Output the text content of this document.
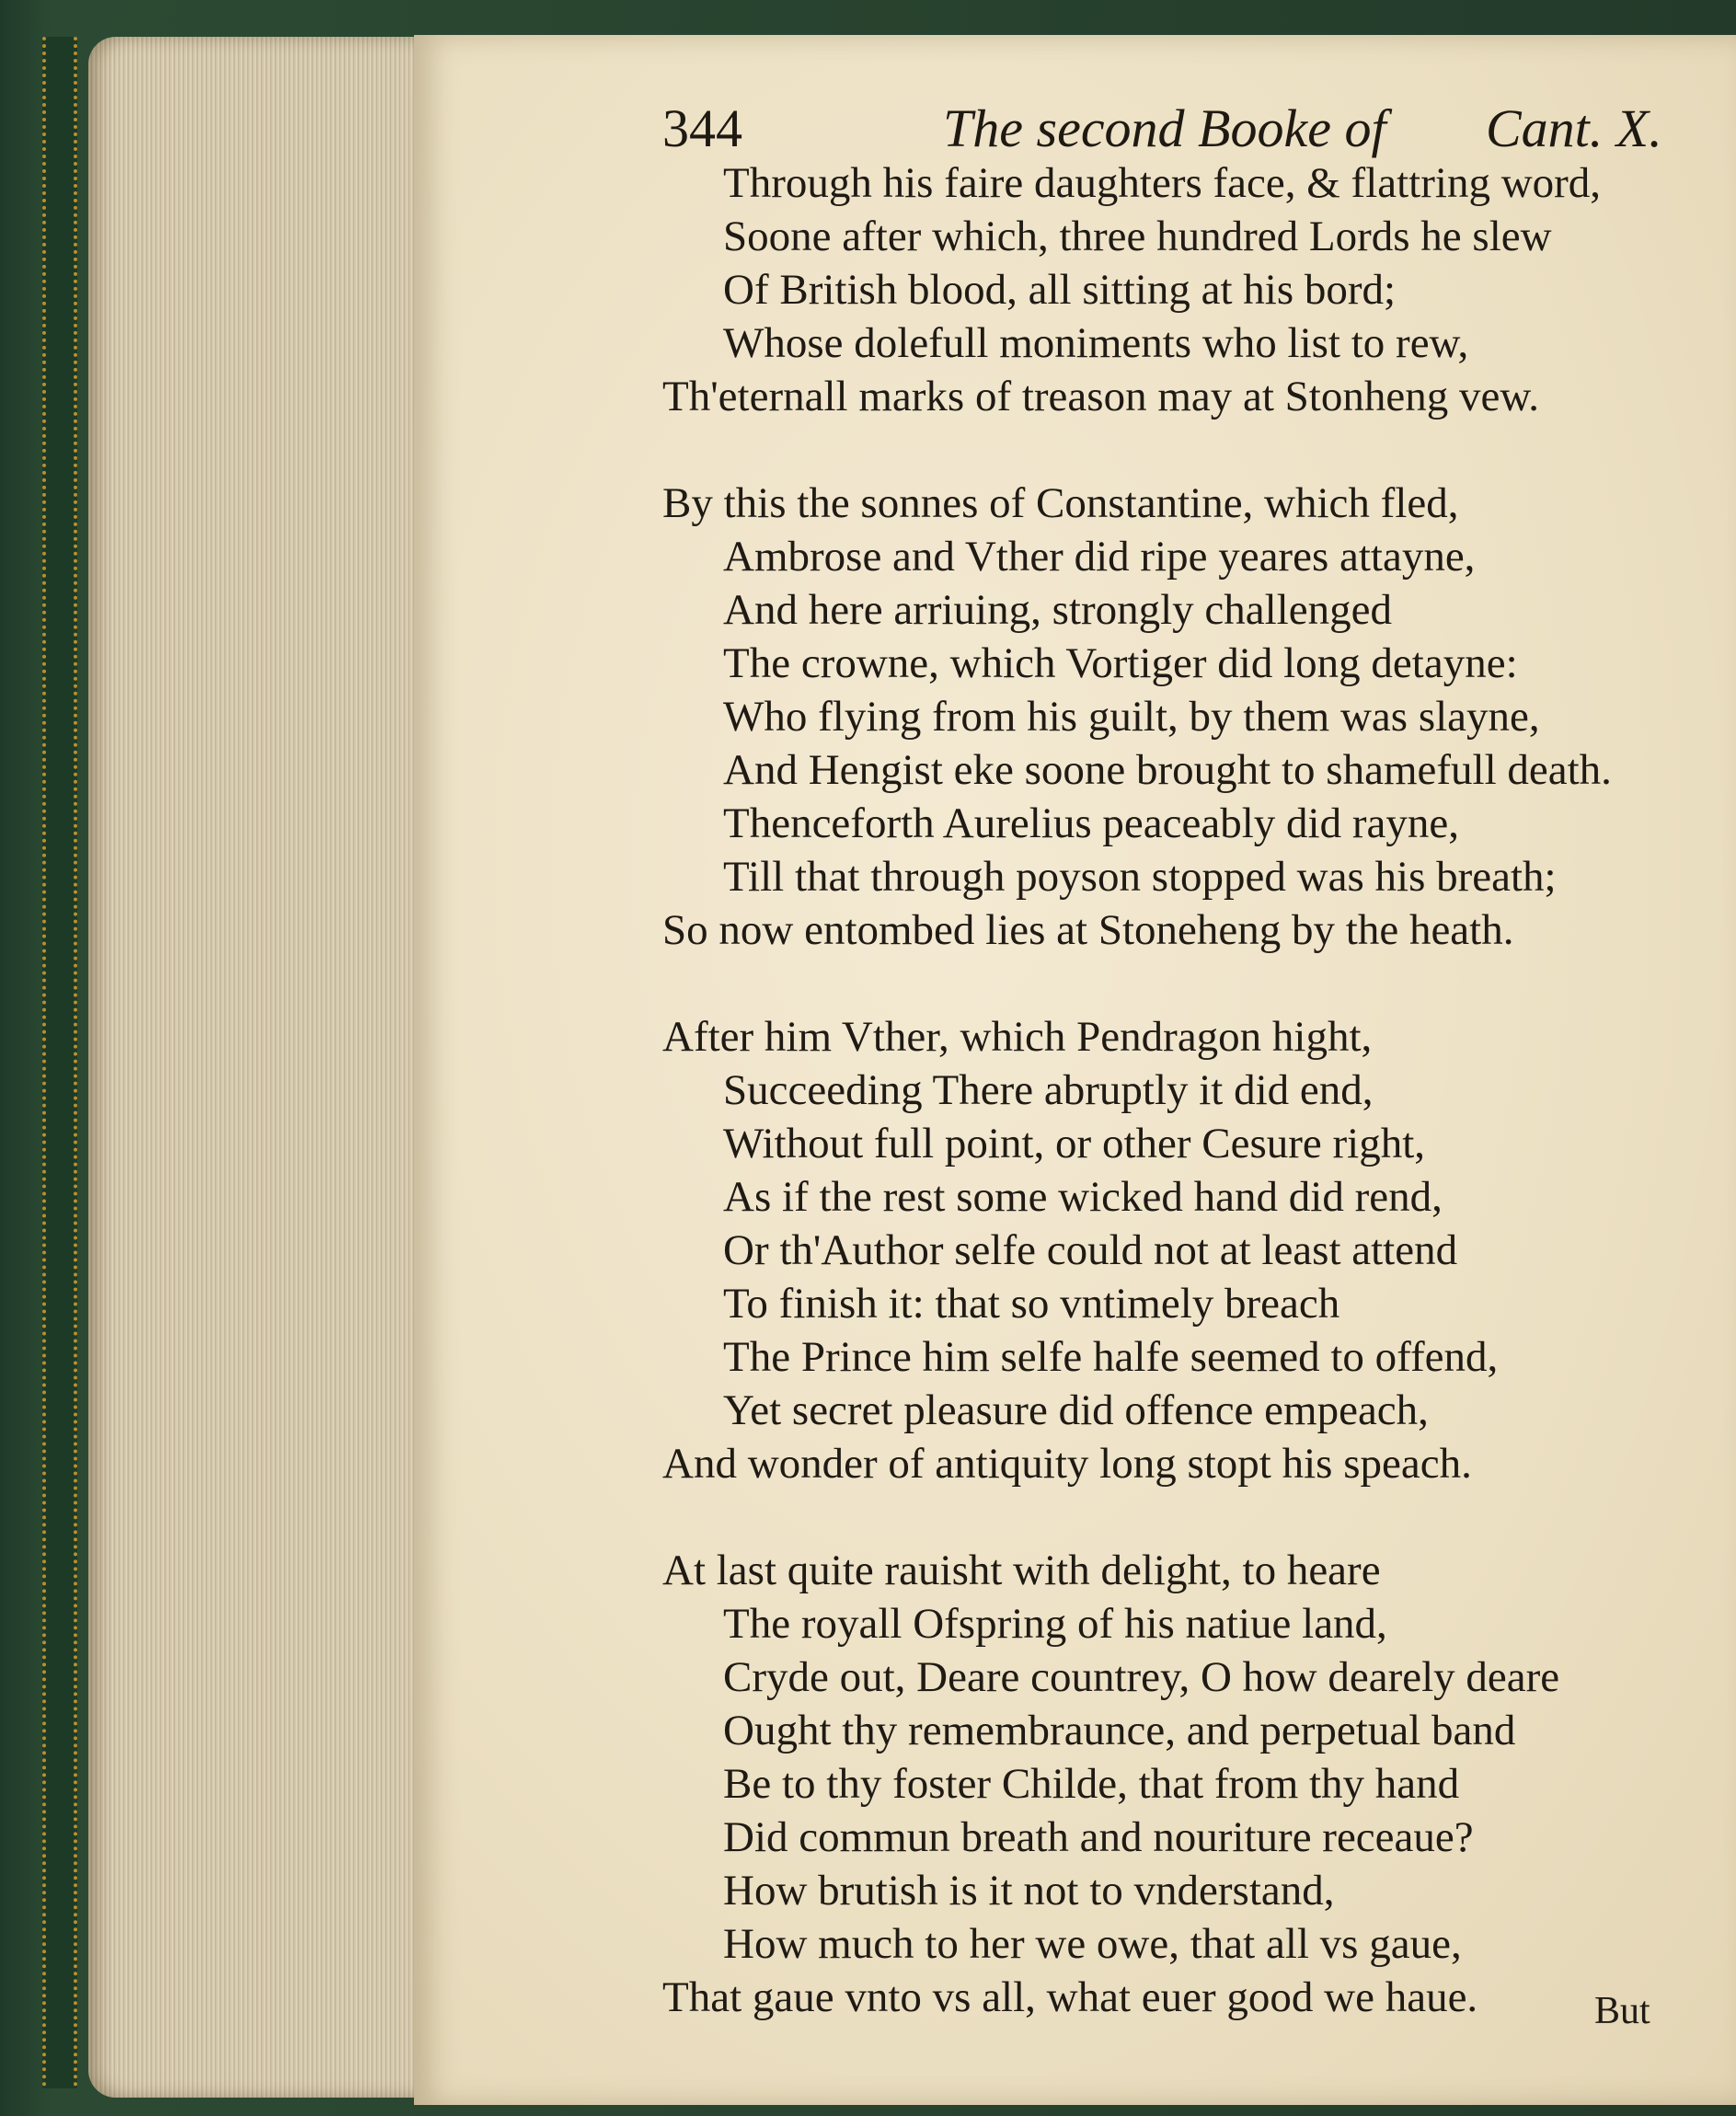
344	The second Booke of Cant. X.
Through his faire daughters face, & flattring word,
Soone after which, three hundred Lords he slew
Of British blood, all sitting at his bord;
Whose dolefull moniments who list to rew,
Th'eternall marks of treason may at Stonheng vew.
By this the sonnes of Constantine, which fled,
Ambrose and Vther did ripe yeares attayne,
And here arriuing, strongly challenged
The crowne, which Vortiger did long detayne:
Who flying from his guilt, by them was slayne,
And Hengist eke soone brought to shamefull death.
Thenceforth Aurelius peaceably did rayne,
Till that through poyson stopped was his breath;
So now entombed lies at Stoneheng by the heath.
After him Vther, which Pendragon hight,
Succeeding There abruptly it did end,
Without full point, or other Cesure right,
As if the rest some wicked hand did rend,
Or th'Author selfe could not at least attend
To finish it: that so vntimely breach
The Prince him selfe halfe seemed to offend,
Yet secret pleasure did offence empeach,
And wonder of antiquity long stopt his speach.
At last quite rauisht with delight, to heare
The royall Ofspring of his natiue land,
Cryde out, Deare countrey, O how dearely deare
Ought thy remembraunce, and perpetual band
Be to thy foster Childe, that from thy hand
Did commun breath and nouriture receaue?
How brutish is it not to vnderstand,
How much to her we owe, that all vs gaue,
That gaue vnto vs all, what euer good we haue.	But
